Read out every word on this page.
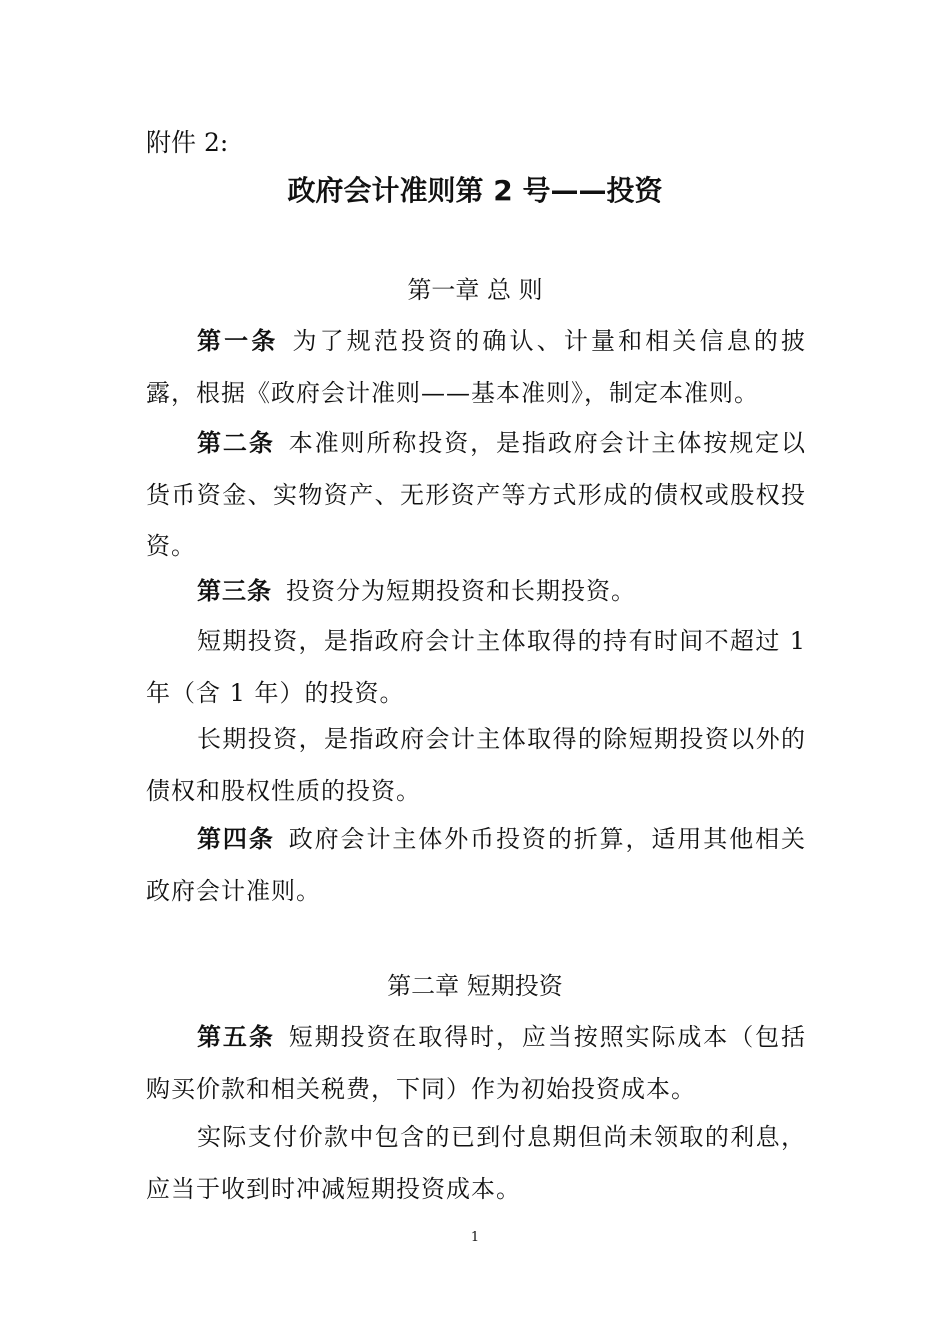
附件 2:
政府会计准则第 2 号——投资
第一章 总 则

第一条 为了规范投资的确认、计量和相关信息的披露，根据《政府会计准则——基本准则》，制定本准则。

第二条 本准则所称投资，是指政府会计主体按规定以货币资金、实物资产、无形资产等方式形成的债权或股权投资。

第三条 投资分为短期投资和长期投资。

短期投资，是指政府会计主体取得的持有时间不超过 1 年（含 1 年）的投资。

长期投资，是指政府会计主体取得的除短期投资以外的债权和股权性质的投资。

第四条 政府会计主体外币投资的折算，适用其他相关政府会计准则。

第二章 短期投资

第五条 短期投资在取得时，应当按照实际成本（包括购买价款和相关税费，下同）作为初始投资成本。

实际支付价款中包含的已到付息期但尚未领取的利息，应当于收到时冲减短期投资成本。

1
